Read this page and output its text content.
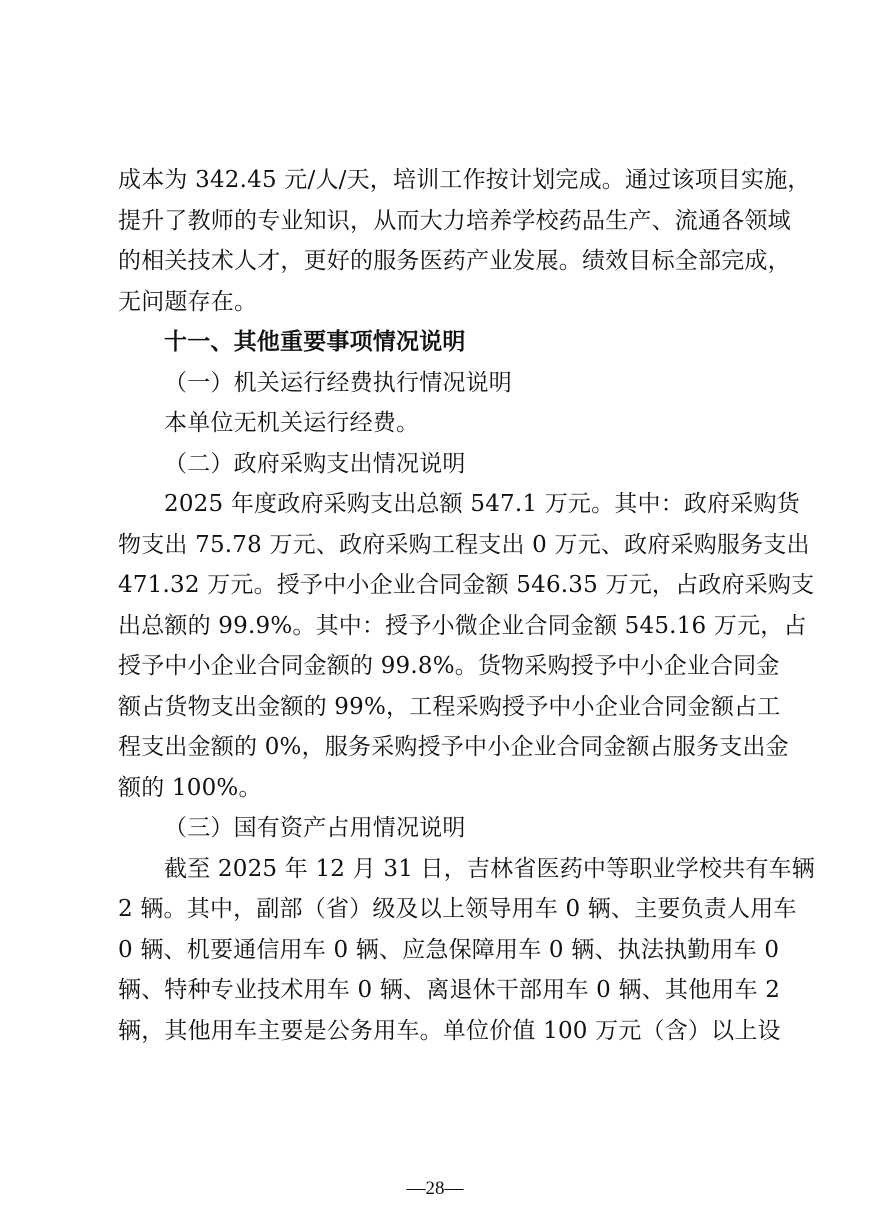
成本为 342.45 元/人/天，培训工作按计划完成。通过该项目实施，
提升了教师的专业知识，从而大力培养学校药品生产、流通各领域
的相关技术人才，更好的服务医药产业发展。绩效目标全部完成，
无问题存在。
十一、其他重要事项情况说明
（一）机关运行经费执行情况说明
本单位无机关运行经费。
（二）政府采购支出情况说明
2025 年度政府采购支出总额 547.1 万元。其中：政府采购货
物支出 75.78 万元、政府采购工程支出 0 万元、政府采购服务支出
471.32 万元。授予中小企业合同金额 546.35 万元，占政府采购支
出总额的 99.9%。其中：授予小微企业合同金额 545.16 万元，占
授予中小企业合同金额的 99.8%。货物采购授予中小企业合同金
额占货物支出金额的 99%，工程采购授予中小企业合同金额占工
程支出金额的 0%，服务采购授予中小企业合同金额占服务支出金
额的 100%。
（三）国有资产占用情况说明
截至 2025 年 12 月 31 日，吉林省医药中等职业学校共有车辆
2 辆。其中，副部（省）级及以上领导用车 0 辆、主要负责人用车
0 辆、机要通信用车 0 辆、应急保障用车 0 辆、执法执勤用车 0
辆、特种专业技术用车 0 辆、离退休干部用车 0 辆、其他用车 2
辆，其他用车主要是公务用车。单位价值 100 万元（含）以上设
—28—
